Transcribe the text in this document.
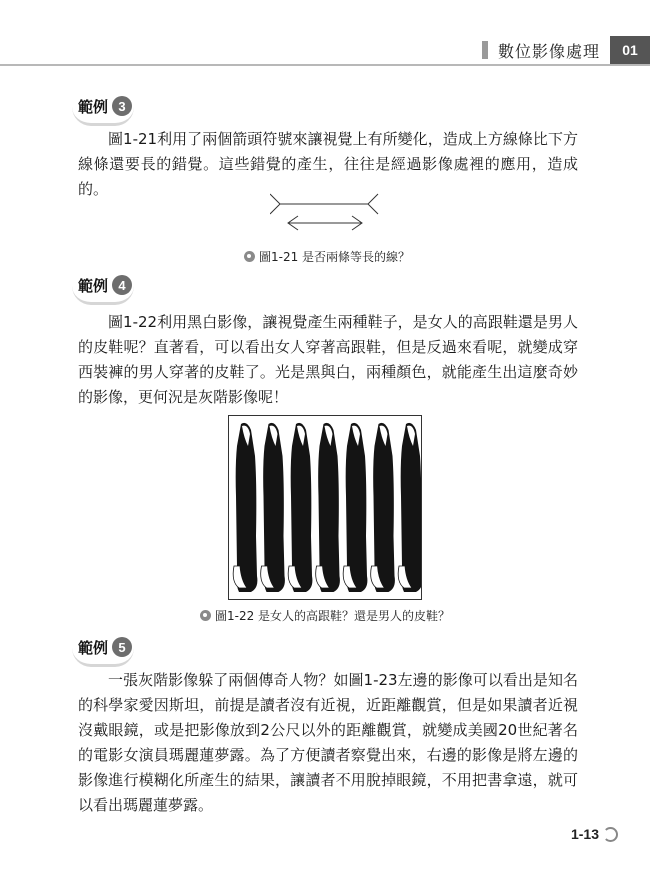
數位影像處理	01
範例 3

圖1-21利用了兩個箭頭符號來讓視覺上有所變化，造成上方線條比下方線條還要長的錯覺。這些錯覺的產生，往往是經過影像處裡的應用，造成的。

圖1-21 是否兩條等長的線？
範例 4

圖1-22利用黑白影像，讓視覺產生兩種鞋子，是女人的高跟鞋還是男人的皮鞋呢？直著看，可以看出女人穿著高跟鞋，但是反過來看呢，就變成穿西裝褲的男人穿著的皮鞋了。光是黑與白，兩種顏色，就能產生出這麼奇妙的影像，更何況是灰階影像呢！

圖1-22 是女人的高跟鞋？還是男人的皮鞋？
範例 5

一張灰階影像躲了兩個傳奇人物？如圖1-23左邊的影像可以看出是知名的科學家愛因斯坦，前提是讀者沒有近視，近距離觀賞，但是如果讀者近視沒戴眼鏡，或是把影像放到2公尺以外的距離觀賞，就變成美國20世紀著名的電影女演員瑪麗蓮夢露。為了方便讀者察覺出來，右邊的影像是將左邊的影像進行模糊化所產生的結果，讓讀者不用脫掉眼鏡，不用把書拿遠，就可以看出瑪麗蓮夢露。

1-13
